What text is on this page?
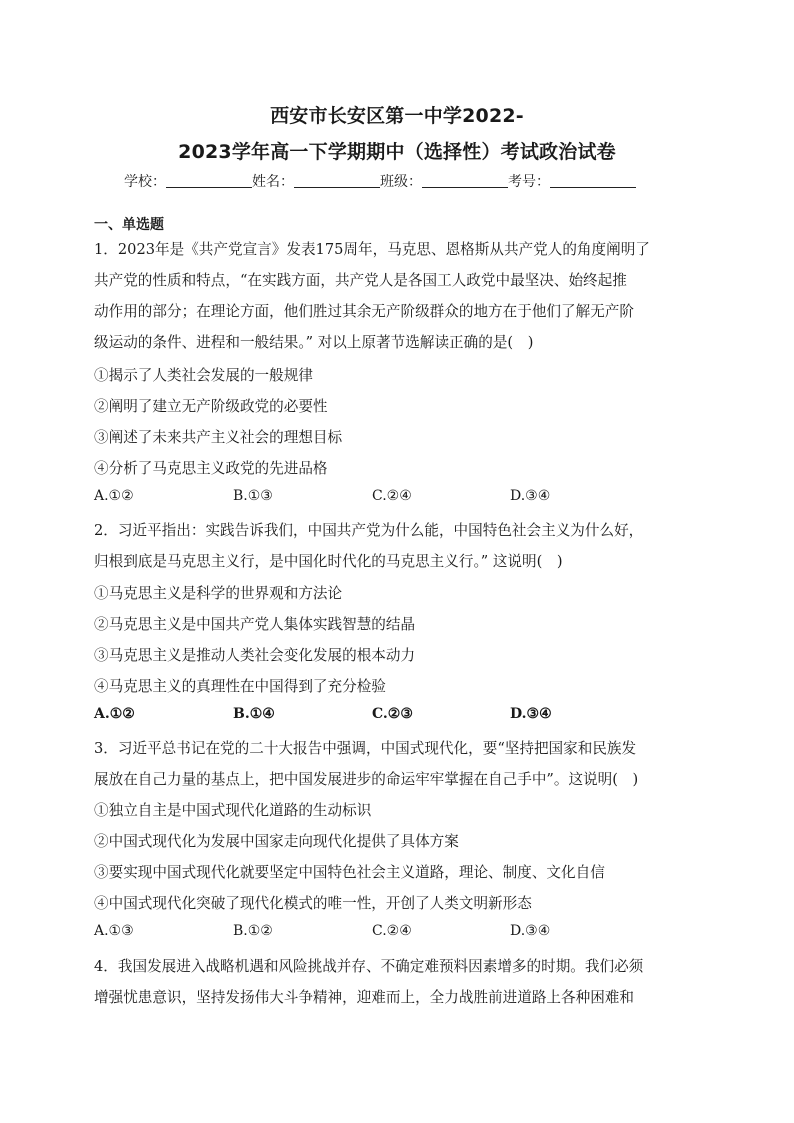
西安市长安区第一中学2022-
2023学年高一下学期期中（选择性）考试政治试卷
学校：	姓名：	班级：	考号：
一、单选题
1．2023年是《共产党宣言》发表175周年，马克思、恩格斯从共产党人的角度阐明了
共产党的性质和特点，“在实践方面，共产党人是各国工人政党中最坚决、始终起推
动作用的部分；在理论方面，他们胜过其余无产阶级群众的地方在于他们了解无产阶
级运动的条件、进程和一般结果。” 对以上原著节选解读正确的是(　)
①揭示了人类社会发展的一般规律
②阐明了建立无产阶级政党的必要性
③阐述了未来共产主义社会的理想目标
④分析了马克思主义政党的先进品格
A.①②	B.①③	C.②④	D.③④
2．习近平指出：实践告诉我们，中国共产党为什么能，中国特色社会主义为什么好，
归根到底是马克思主义行，是中国化时代化的马克思主义行。” 这说明(　)
①马克思主义是科学的世界观和方法论
②马克思主义是中国共产党人集体实践智慧的结晶
③马克思主义是推动人类社会变化发展的根本动力
④马克思主义的真理性在中国得到了充分检验
A.①②	B.①④	C.②③	D.③④
3．习近平总书记在党的二十大报告中强调，中国式现代化，要“坚持把国家和民族发
展放在自己力量的基点上，把中国发展进步的命运牢牢掌握在自己手中”。这说明(　)
①独立自主是中国式现代化道路的生动标识
②中国式现代化为发展中国家走向现代化提供了具体方案
③要实现中国式现代化就要坚定中国特色社会主义道路，理论、制度、文化自信
④中国式现代化突破了现代化模式的唯一性，开创了人类文明新形态
A.①③	B.①②	C.②④	D.③④
4．我国发展进入战略机遇和风险挑战并存、不确定难预料因素增多的时期。我们必须
增强忧患意识，坚持发扬伟大斗争精神，迎难而上，全力战胜前进道路上各种困难和
